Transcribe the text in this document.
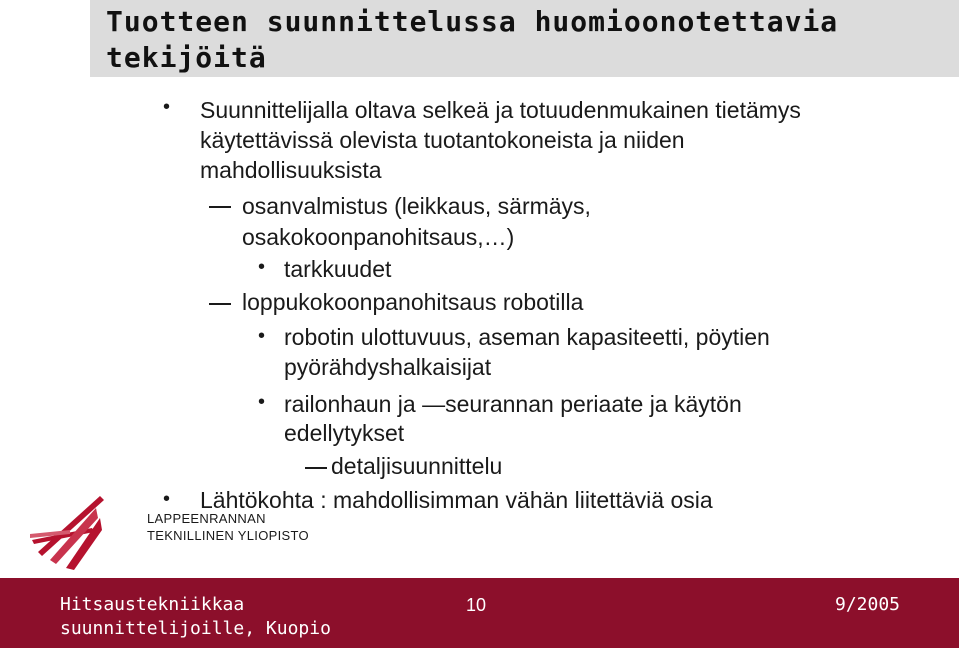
Tuotteen suunnittelussa huomioonotettavia
tekijöitä
• Suunnittelijalla oltava selkeä ja totuudenmukainen tietämys
käytettävissä olevista tuotantokoneista ja niiden
mahdollisuuksista
osanvalmistus (leikkaus, särmäys,
osakokoonpanohitsaus,…)
• tarkkuudet
loppukokoonpanohitsaus robotilla
• robotin ulottuvuus, aseman kapasiteetti, pöytien
pyörähdyshalkaisijat
• railonhaun ja —seurannan periaate ja käytön
edellytykset
detaljisuunnittelu
• Lähtökohta : mahdollisimman vähän liitettäviä osia
LAPPEENRANNAN
TEKNILLINEN YLIOPISTO
Hitsaustekniikkaa
suunnittelijoille, Kuopio
10	9/2005
